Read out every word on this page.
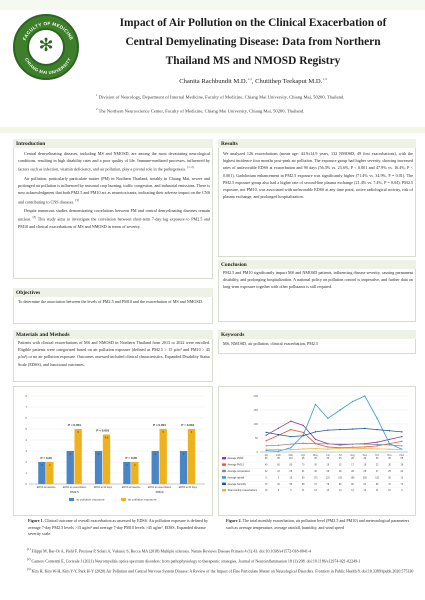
FACULTY OF MEDICINE
CHIANG MAI UNIVERSITY
✻
Impact of Air Pollution on the Clinical Exacerbation of
Central Demyelinating Disease: Data from Northern
Thailand MS and NMOSD Registry
Chanita Rachbundit M.D.$^{1, 2}$, Chutithep Teekaput M.D.$^{1, 2}$
$^1$ Division of Neurology, Department of Internal Medicine, Faculty of Medicine, Chiang Mai University, Chiang Mai, 50200, Thailand.
$^2$ The Northern Neuroscience Center, Faculty of Medicine, Chiang Mai University, Chiang Mai, 50200, Thailand.
Introduction

Central demyelinating diseases, including MS and NMOSD, are among the most devastating neurological conditions, resulting in high disability rates and a poor quality of life. Immune-mediated processes, influenced by factors such as infection, vitamin deficiency, and air pollution, play a pivotal role in the pathogenesis. $^{(1, 2)}$

Air pollution, particularly particulate matter (PM) in Northern Thailand, notably in Chiang Mai, severe and prolonged air pollution is influenced by seasonal crop burning, traffic congestion, and industrial emissions. There is now acknowledgment that both PM2.5 and PM10 act as neurotoxicants, indicating their adverse impact on the CNS and contributing to CNS diseases. $^{(3)}$

Despite numerous studies demonstrating correlations between PM and central demyelinating diseases remain unclear. $^{(3)}$ This study aims to investigate the correlation between short-term 7-day lag exposure to PM2.5 and PM10 and clinical exacerbations of MS and NMOSD in terms of severity.

Objectives

To determine the association between the levels of PM2.5 and PM10 and the exacerbation of MS and NMOSD.

Materials and Methods

Patients with clinical exacerbations of MS and NMOSD in Northern Thailand from 2013 to 2022 were enrolled. Eligible patients were categorized based on air pollution exposure (defined as PM2.5 > 15 µ/m³ and PM10 > 45 µ/m³) or no air pollution exposure. Outcomes assessed included clinical characteristics, Expanded Disability Status Scale (EDSS), and functional outcomes.

Results

We analyzed 126 exacerbations (mean age: 44.9±14.9 years, 132 NMOSD, 49 first exacerbations), with the highest incidence four months post-peak air pollution. The exposure group had higher severity, showing increased rates of unfavorable EDSS at exacerbation and 90 days (56.3% vs. 23.6%, P < 0.001 and 47.9% vs. 16.4%, P < 0.001). Gadolinium enhancement in PM2.5 exposure was significantly higher (71.4% vs. 34.9%, P = 0.01). The PM2.5 exposure group also had a higher rate of second-line plasma exchange (21.4% vs. 7.4%, P = 0.04). PM2.5 exposure, not PM10, was associated with unfavorable EDSS at any time point, active radiological activity, risk of plasma exchange, and prolonged hospitalization.

Conclusion

PM2.5 and PM10 significantly impact MS and NMOSD patients, influencing disease severity, causing permanent disability, and prolonging hospitalization. A national policy on pollution control is imperative, and further data on long-term exposure together with other pollutants is still required.

Keywords

MS, NMOSD, air pollution, clinical exacerbation, PM2.5

0
1
2
3
4
5
6
7
8
2 2
P = 0.20
EDSS at baseline
3
5
P < 0.001
EDSS at exacerbation
3
4.5
P < 0.001
EDSS at 90 days
2 2
P = 0.28
EDSS at baseline
3
5
P < 0.001
EDSS at exacerbation
3
5
P = 0.001
EDSS at 90 days
PM2.5	PM10
no pollution exposure	air pollution exposure
0
50
100
150
200
Jan	Feb	Mar	Apr	May	Jun	Jul	Aug	Sep	Oct	Nov	Dec
Average PM10	60	85	110	95	45	30	25	28	30	35	45	55
Average PM2.5	40	60	80	70	30	18	15	17	18	22	30	38
Average temperature	22	24	28	31	30	29	28	28	28	27	25	22
Average rainfall	5	3	15	60	170	120	150	180	200	120	30	10
Average humidity	70	62	55	58	72	78	80	82	84	80	76	72
Total monthly exacerbations	10	9	8	11	12	10	13	14	12	11	10	9
Figure 1. Clinical outcome of overall exacerbation as assessed by EDSS. Air pollution exposure is defined by average 7-day PM2.5 levels >15 ug/m³ and average 7-day PM10 levels >45 ug/m³. EDSS, Expanded disease severity scale.
Figure 2. The total monthly exacerbation, air pollution level (PM2.5 and PM10) and meteorological parameters such as average temperature, average rainfall, humidity, and wind speed

$^{(1)}$ Filippi M, Bar-Or A, Piehl F, Preziosa P, Solari A, Vukusic S, Rocca MA (2018) Multiple sclerosis. Nature Reviews Disease Primers 4 (1):43. doi:10.1038/s41572-018-0041-4

$^{(2)}$ Carnero Contentti E, Correale J (2021) Neuromyelitis optica spectrum disorders: from pathophysiology to therapeutic strategies. Journal of Neuroinflammation 18 (1):208. doi:10.1186/s12974-021-02249-1

$^{(3)}$ Kim H, Kim W-H, Kim Y-Y, Park H-Y (2020) Air Pollution and Central Nervous System Disease: A Review of the Impact of Fine Particulate Matter on Neurological Disorders. Frontiers in Public Health 8. doi:10.3389/fpubh.2020.575330
